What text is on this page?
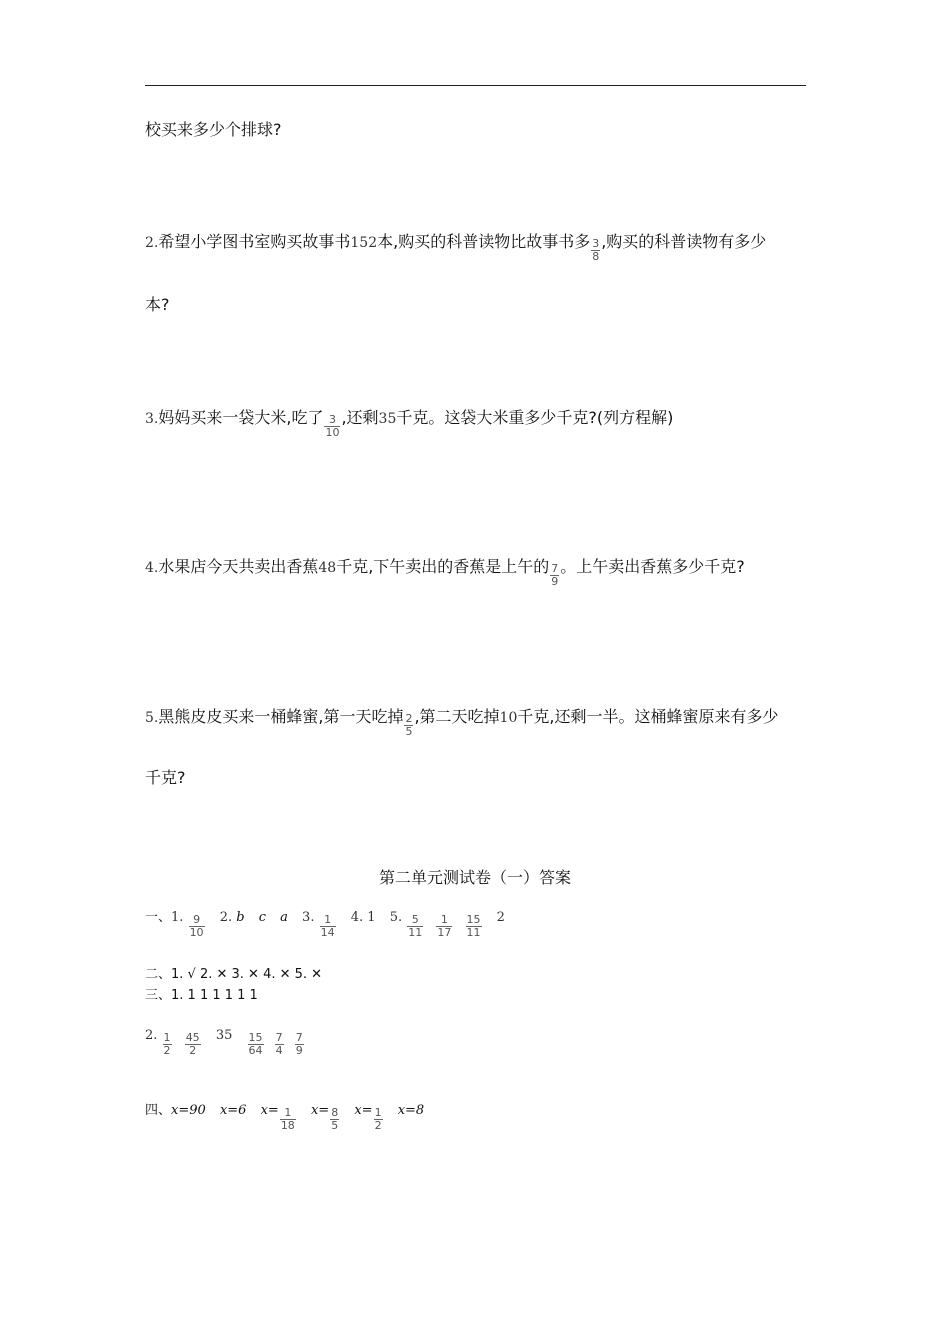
校买来多少个排球?
2.希望小学图书室购买故事书152本,购买的科普读物比故事书多 $\frac{3}{8}$ ,购买的科普读物有多少
本?
3.妈妈买来一袋大米,吃了 $\frac{3}{10}$ ,还剩35千克。这袋大米重多少千克?(列方程解)
4.水果店今天共卖出香蕉48千克,下午卖出的香蕉是上午的 $\frac{7}{9}$ 。上午卖出香蕉多少千克?
5.黑熊皮皮买来一桶蜂蜜,第一天吃掉 $\frac{2}{5}$ ,第二天吃掉10千克,还剩一半。这桶蜂蜜原来有多少
千克?
第二单元测试卷（一）答案
一、1. $\frac{9}{10} 2$. b c a 3. $\frac{1}{14} 4$. 1 5. $\frac{5}{11}$
$\frac{1}{17}$
$\frac{15}{11} 2$
二、1. √ 2. ✕ 3. ✕ 4. ✕ 5. ✕
三、1. 1 1 1 1 1 1
2. $\frac{1}{2}$
$\frac{45}{2} 35 \frac{15}{64}$
$\frac{7}{4}$
$\frac{7}{9}$
四、x=90 x=6 $x= \frac{1}{18} x= \frac{8}{5} x= \frac{1}{2} x=8$
